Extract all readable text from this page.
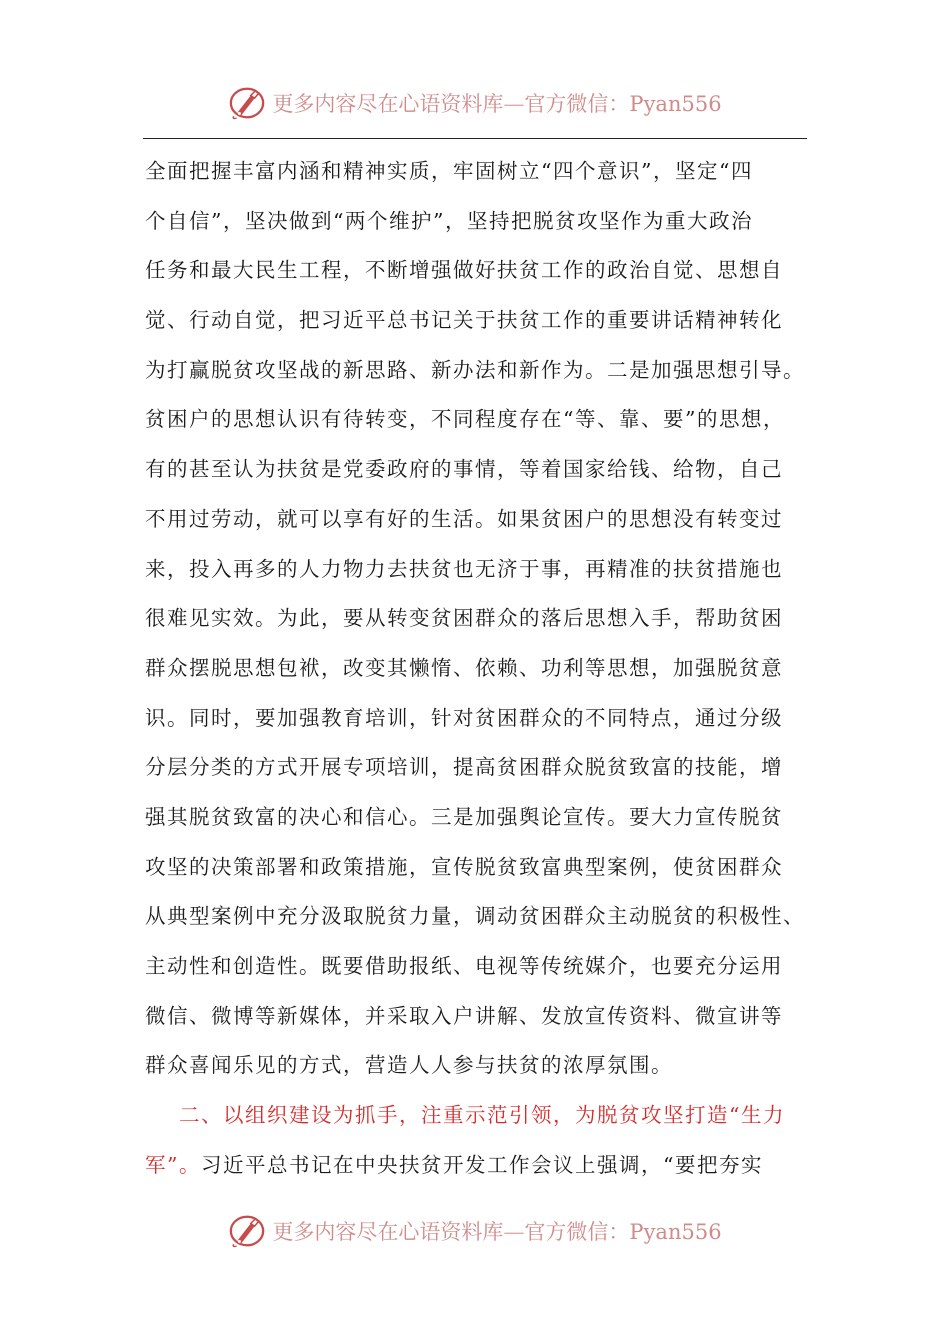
更多内容尽在心语资料库—官方微信：Pyan556
全面把握丰富内涵和精神实质，牢固树立“四个意识”，坚定“四
个自信”，坚决做到“两个维护”，坚持把脱贫攻坚作为重大政治
任务和最大民生工程，不断增强做好扶贫工作的政治自觉、思想自
觉、行动自觉，把习近平总书记关于扶贫工作的重要讲话精神转化
为打赢脱贫攻坚战的新思路、新办法和新作为。二是加强思想引导。
贫困户的思想认识有待转变，不同程度存在“等、靠、要”的思想，
有的甚至认为扶贫是党委政府的事情，等着国家给钱、给物，自己
不用过劳动，就可以享有好的生活。如果贫困户的思想没有转变过
来，投入再多的人力物力去扶贫也无济于事，再精准的扶贫措施也
很难见实效。为此，要从转变贫困群众的落后思想入手，帮助贫困
群众摆脱思想包袱，改变其懒惰、依赖、功利等思想，加强脱贫意
识。同时，要加强教育培训，针对贫困群众的不同特点，通过分级
分层分类的方式开展专项培训，提高贫困群众脱贫致富的技能，增
强其脱贫致富的决心和信心。三是加强舆论宣传。要大力宣传脱贫
攻坚的决策部署和政策措施，宣传脱贫致富典型案例，使贫困群众
从典型案例中充分汲取脱贫力量，调动贫困群众主动脱贫的积极性、
主动性和创造性。既要借助报纸、电视等传统媒介，也要充分运用
微信、微博等新媒体，并采取入户讲解、发放宣传资料、微宣讲等
群众喜闻乐见的方式，营造人人参与扶贫的浓厚氛围。
二、以组织建设为抓手，注重示范引领，为脱贫攻坚打造“生力
军”。习近平总书记在中央扶贫开发工作会议上强调，“要把夯实
更多内容尽在心语资料库—官方微信：Pyan556
